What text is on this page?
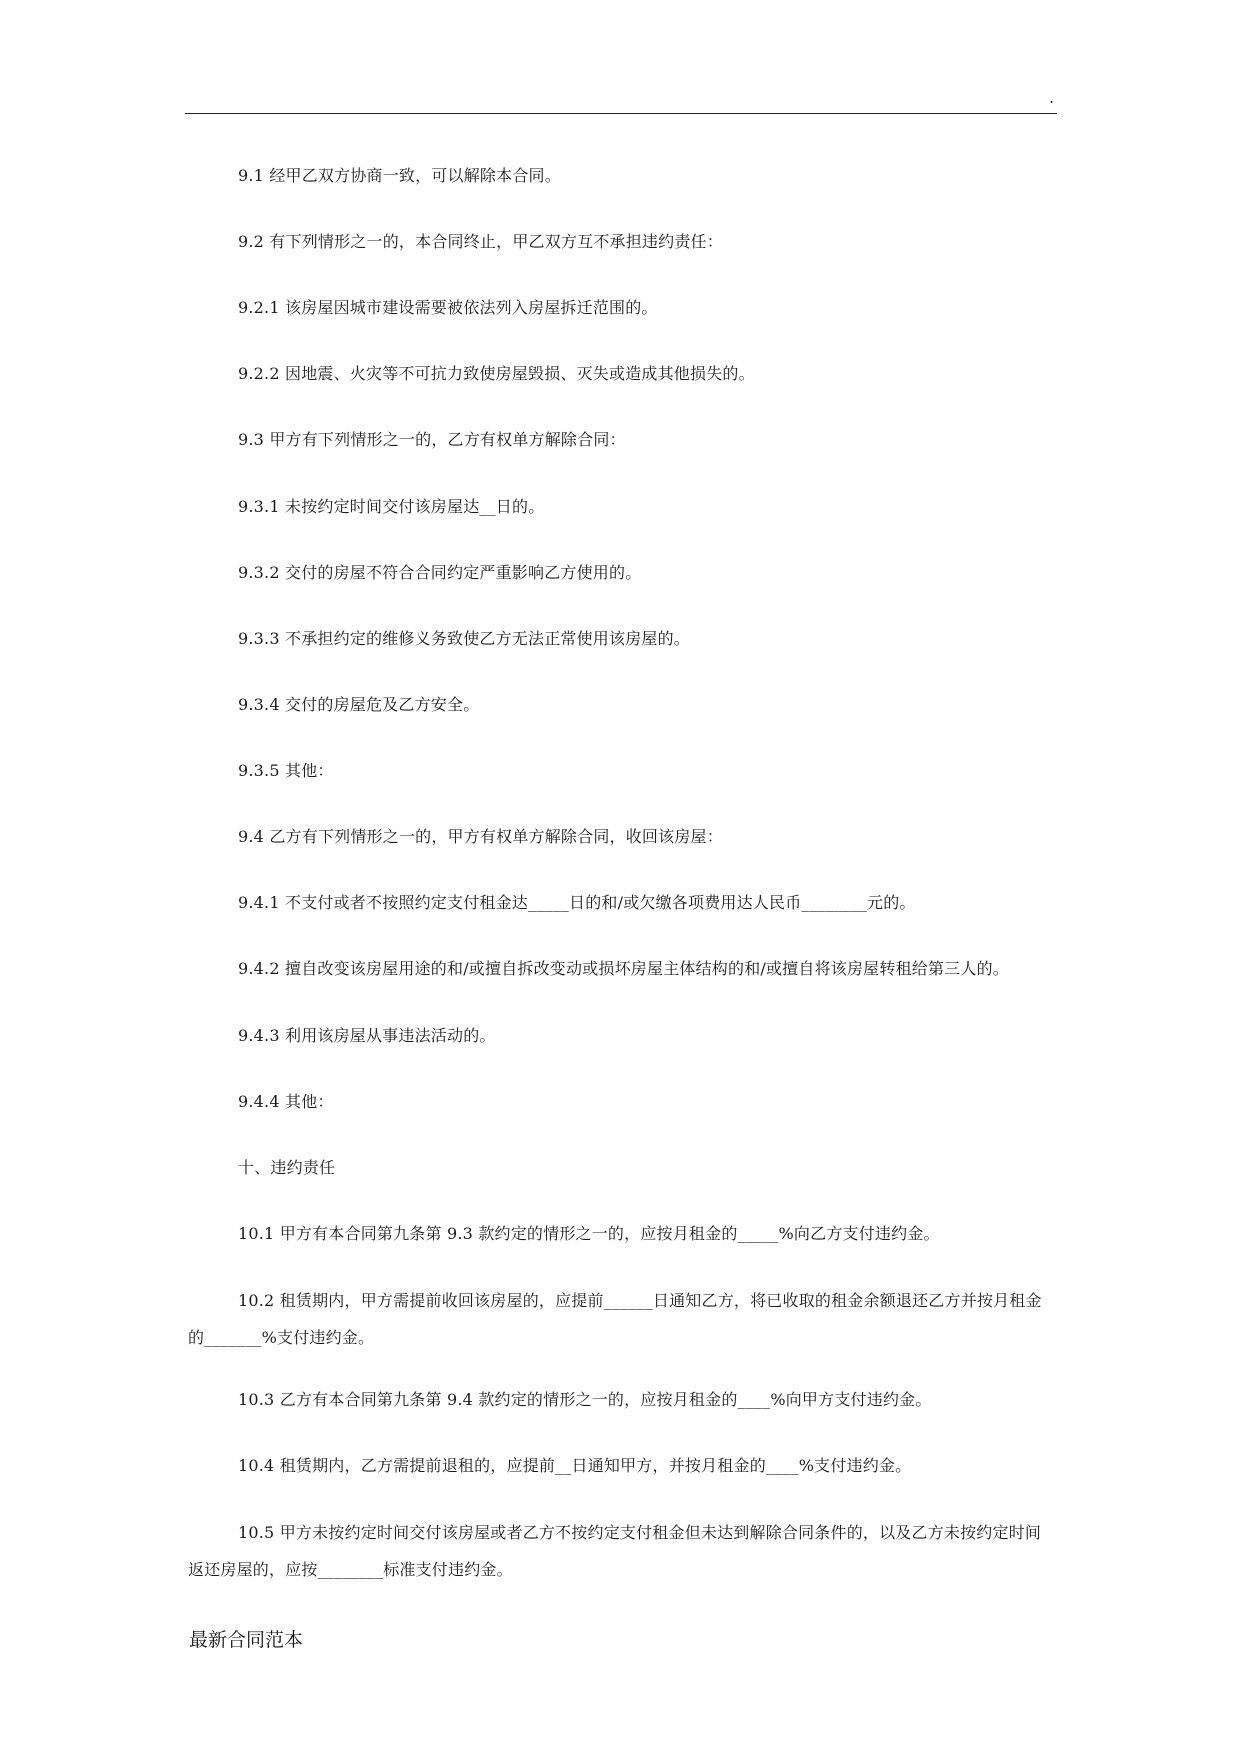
.
9.1 经甲乙双方协商一致，可以解除本合同。
9.2 有下列情形之一的，本合同终止，甲乙双方互不承担违约责任：
9.2.1 该房屋因城市建设需要被依法列入房屋拆迁范围的。
9.2.2 因地震、火灾等不可抗力致使房屋毁损、灭失或造成其他损失的。
9.3 甲方有下列情形之一的，乙方有权单方解除合同：
9.3.1 未按约定时间交付该房屋达__日的。
9.3.2 交付的房屋不符合合同约定严重影响乙方使用的。
9.3.3 不承担约定的维修义务致使乙方无法正常使用该房屋的。
9.3.4 交付的房屋危及乙方安全。
9.3.5 其他：
9.4 乙方有下列情形之一的，甲方有权单方解除合同，收回该房屋：
9.4.1 不支付或者不按照约定支付租金达_____日的和/或欠缴各项费用达人民币________元的。
9.4.2 擅自改变该房屋用途的和/或擅自拆改变动或损坏房屋主体结构的和/或擅自将该房屋转租给第三人的。
9.4.3 利用该房屋从事违法活动的。
9.4.4 其他：
十、违约责任
10.1 甲方有本合同第九条第 9.3 款约定的情形之一的，应按月租金的_____%向乙方支付违约金。
10.2 租赁期内，甲方需提前收回该房屋的，应提前______日通知乙方，将已收取的租金余额退还乙方并按月租金的_______%支付违约金。
10.3 乙方有本合同第九条第 9.4 款约定的情形之一的，应按月租金的____%向甲方支付违约金。
10.4 租赁期内，乙方需提前退租的，应提前__日通知甲方，并按月租金的____%支付违约金。
10.5 甲方未按约定时间交付该房屋或者乙方不按约定支付租金但未达到解除合同条件的，以及乙方未按约定时间返还房屋的，应按________标准支付违约金。
最新合同范本
